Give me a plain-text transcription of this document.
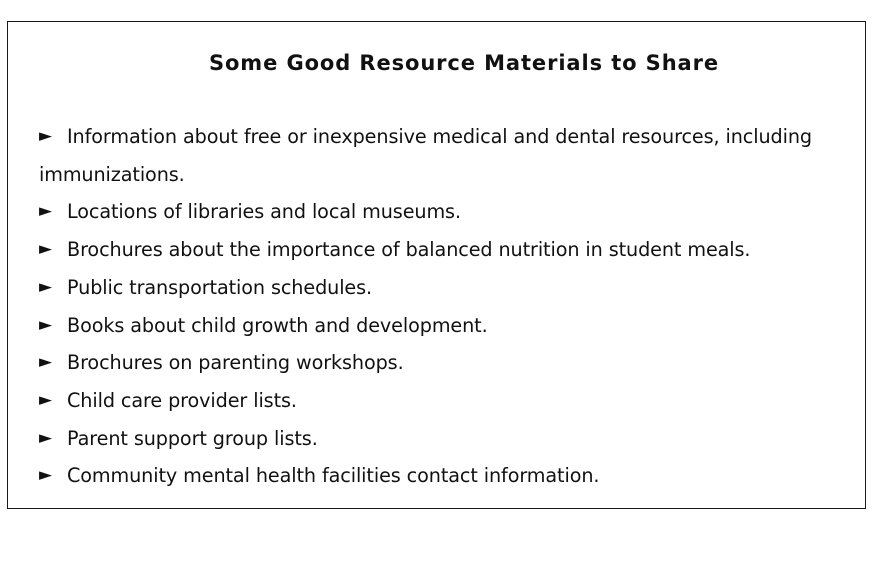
Some Good Resource Materials to Share
► Information about free or inexpensive medical and dental resources, including immunizations.
► Locations of libraries and local museums.
► Brochures about the importance of balanced nutrition in student meals.
► Public transportation schedules.
► Books about child growth and development.
► Brochures on parenting workshops.
► Child care provider lists.
► Parent support group lists.
► Community mental health facilities contact information.
